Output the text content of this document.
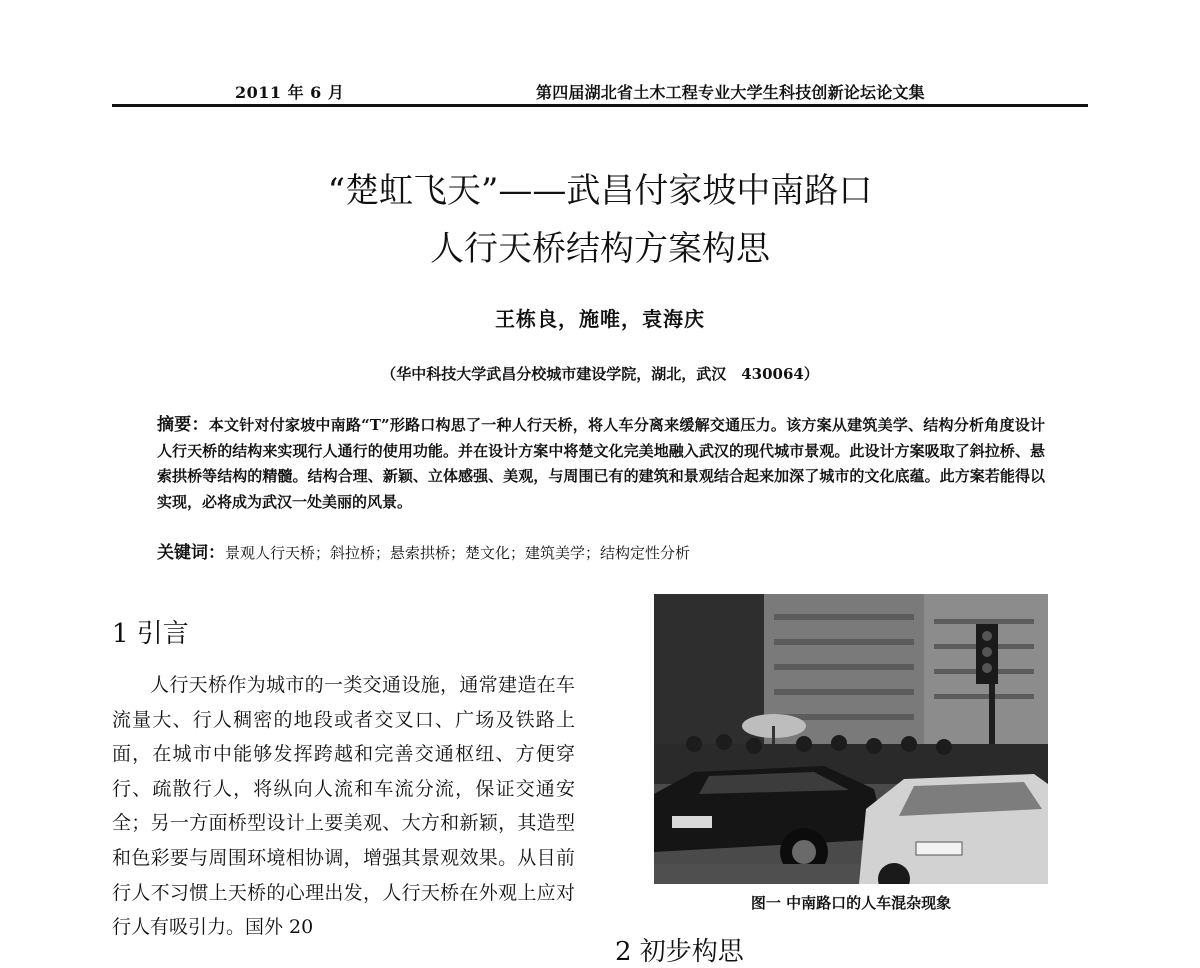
2011 年 6 月	第四届湖北省土木工程专业大学生科技创新论坛论文集
“楚虹飞天”——武昌付家坡中南路口
人行天桥结构方案构思
王栋良，施唯，袁海庆
（华中科技大学武昌分校城市建设学院，湖北，武汉　430064）
摘要：本文针对付家坡中南路“T”形路口构思了一种人行天桥，将人车分离来缓解交通压力。该方案从建筑美学、结构分析角度设计人行天桥的结构来实现行人通行的使用功能。并在设计方案中将楚文化完美地融入武汉的现代城市景观。此设计方案吸取了斜拉桥、悬索拱桥等结构的精髓。结构合理、新颖、立体感强、美观，与周围已有的建筑和景观结合起来加深了城市的文化底蕴。此方案若能得以实现，必将成为武汉一处美丽的风景。
关键词：景观人行天桥；斜拉桥；悬索拱桥；楚文化；建筑美学；结构定性分析
1 引言
人行天桥作为城市的一类交通设施，通常建造在车流量大、行人稠密的地段或者交叉口、广场及铁路上面，在城市中能够发挥跨越和完善交通枢纽、方便穿行、疏散行人，将纵向人流和车流分流，保证交通安全；另一方面桥型设计上要美观、大方和新颖，其造型和色彩要与周围环境相协调，增强其景观效果。从目前行人不习惯上天桥的心理出发，人行天桥在外观上应对行人有吸引力。国外 20
图一 中南路口的人车混杂现象
2 初步构思
